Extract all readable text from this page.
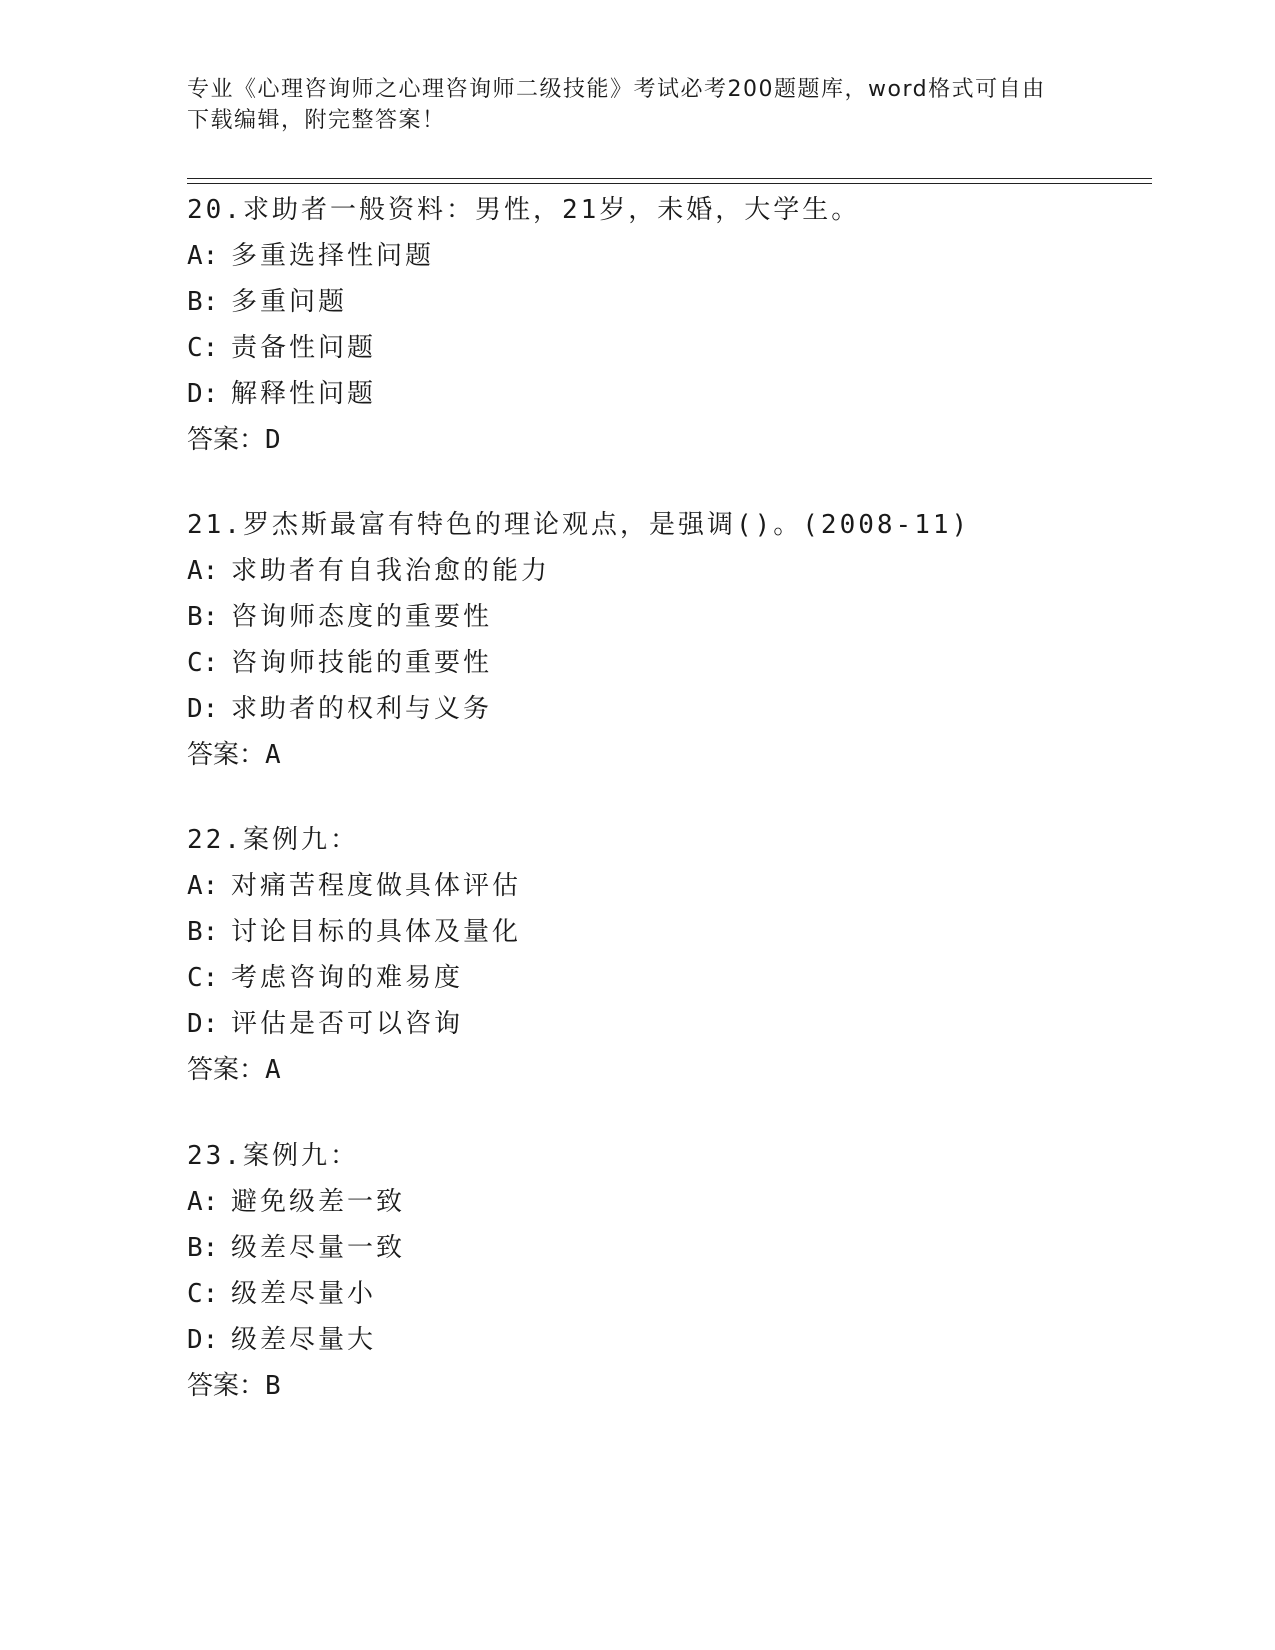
专业《心理咨询师之心理咨询师二级技能》考试必考200题题库，word格式可自由下载编辑，附完整答案！
20.求助者一般资料：男性，21岁，未婚，大学生。
A: 多重选择性问题
B: 多重问题
C: 责备性问题
D: 解释性问题
答案：D
21.罗杰斯最富有特色的理论观点，是强调()。(2008-11)
A: 求助者有自我治愈的能力
B: 咨询师态度的重要性
C: 咨询师技能的重要性
D: 求助者的权利与义务
答案：A
22.案例九：
A: 对痛苦程度做具体评估
B: 讨论目标的具体及量化
C: 考虑咨询的难易度
D: 评估是否可以咨询
答案：A
23.案例九：
A: 避免级差一致
B: 级差尽量一致
C: 级差尽量小
D: 级差尽量大
答案：B
